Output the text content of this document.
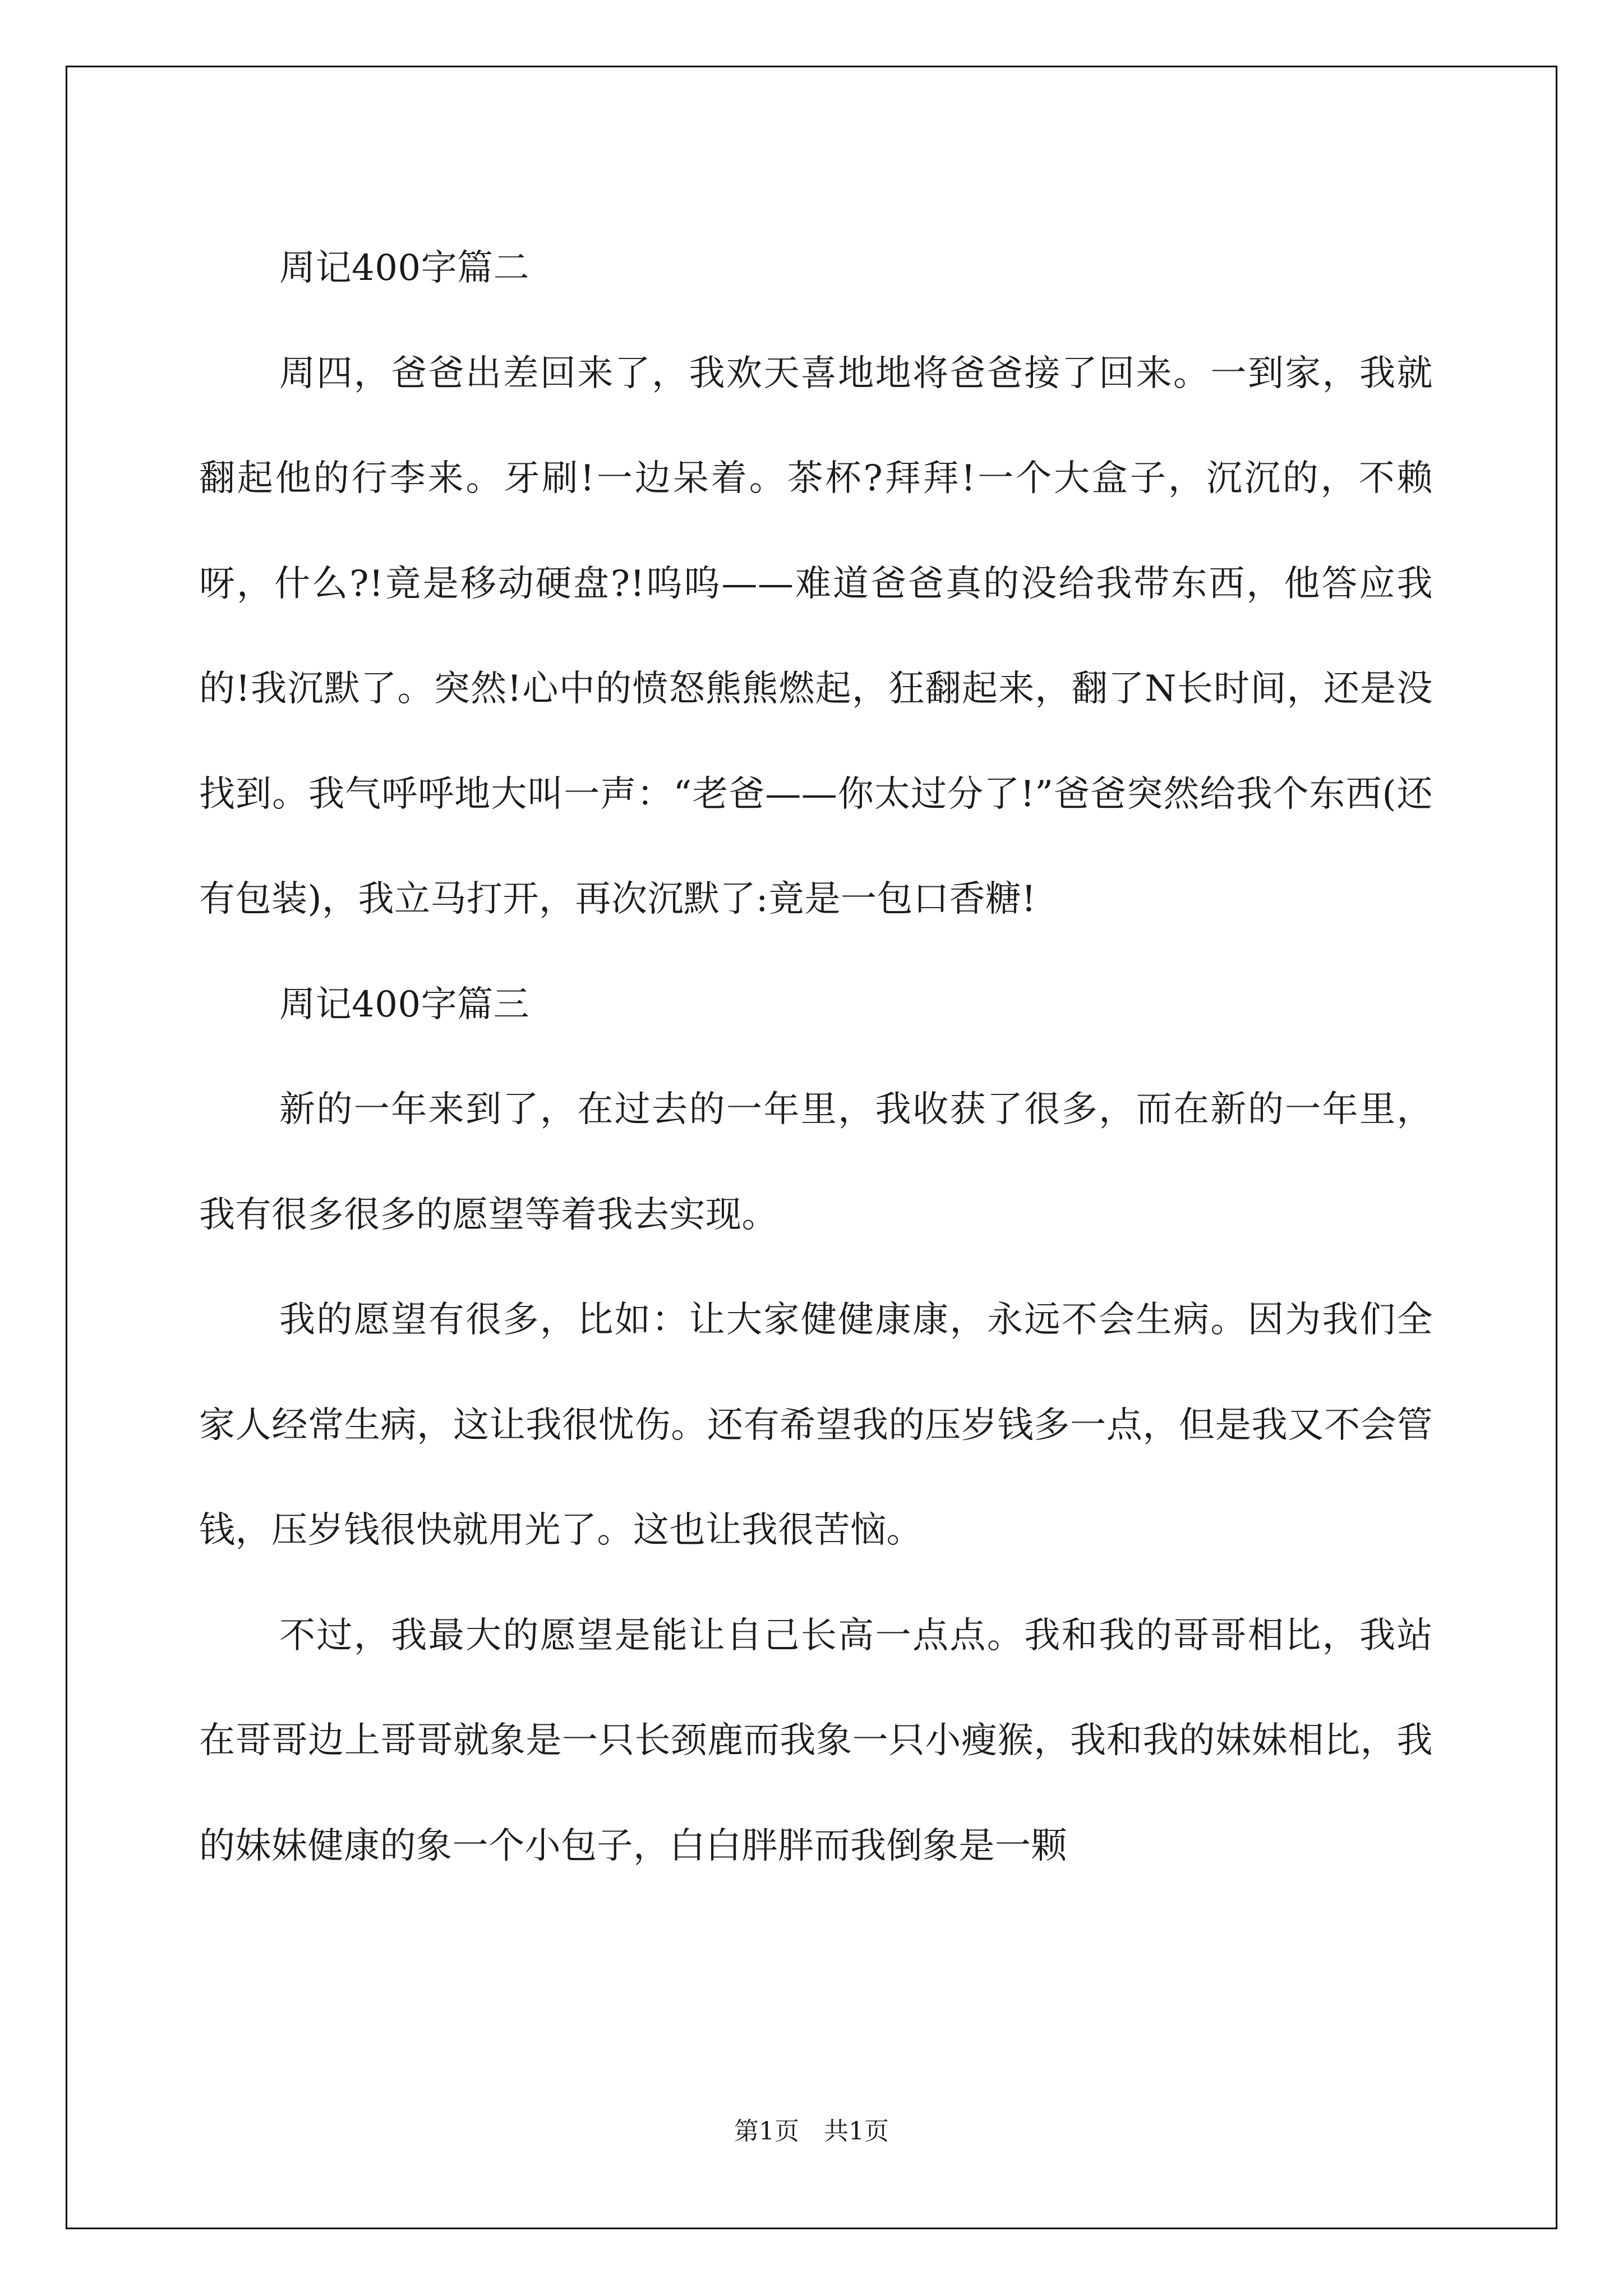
周记400字篇二

周四，爸爸出差回来了，我欢天喜地地将爸爸接了回来。一到家，我就翻起他的行李来。牙刷!一边呆着。茶杯?拜拜!一个大盒子，沉沉的，不赖呀，什么?!竟是移动硬盘?!呜呜——难道爸爸真的没给我带东西，他答应我的!我沉默了。突然!心中的愤怒熊熊燃起，狂翻起来，翻了N长时间，还是没找到。我气呼呼地大叫一声：“老爸——你太过分了!”爸爸突然给我个东西(还有包装)，我立马打开，再次沉默了:竟是一包口香糖!

周记400字篇三

新的一年来到了，在过去的一年里，我收获了很多，而在新的一年里，我有很多很多的愿望等着我去实现。

我的愿望有很多，比如：让大家健健康康，永远不会生病。因为我们全家人经常生病，这让我很忧伤。还有希望我的压岁钱多一点，但是我又不会管钱，压岁钱很快就用光了。这也让我很苦恼。

不过，我最大的愿望是能让自己长高一点点。我和我的哥哥相比，我站在哥哥边上哥哥就象是一只长颈鹿而我象一只小瘦猴，我和我的妹妹相比，我的妹妹健康的象一个小包子，白白胖胖而我倒象是一颗

第1页 共1页
